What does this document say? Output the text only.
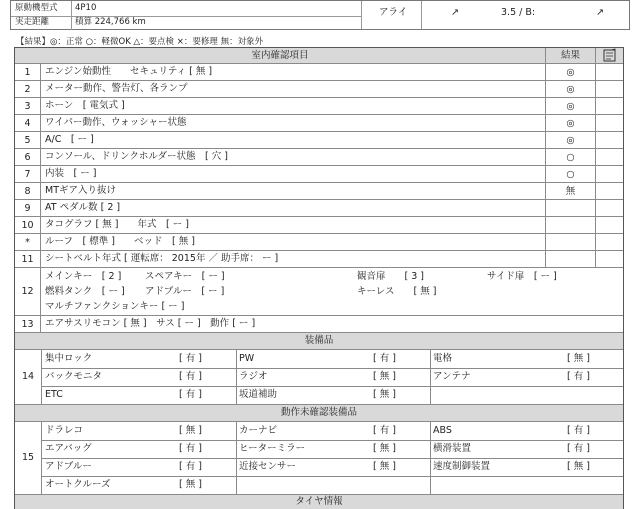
原動機型式 4P10
実走距離	積算 224,766 km
アライ	↗	3.5 / B:	↗
【結果】◎：正常 ○：軽微OK △：要点検 ×：要修理 無：対象外
室内確認項目	結果
1	エンジン始動性　　セキュリティ [ 無 ]	◎
2	メーター動作、警告灯、各ランプ	◎
3	ホーン　[ 電気式 ]	◎
4	ワイパー動作、ウォッシャー状態	◎
5	A/C　[ ー ]	◎
6	コンソール、ドリンクホルダー状態　[ 穴 ]	○
7	内装　[ ー ]	○
8	MTギア入り抜け	無
9	AT ペダル数 [ 2 ]
10	タコグラフ [ 無 ]　　年式　[ ー ]
*	ルーフ　[ 標準 ]　　ベッド　[ 無 ]
11	シートベルト年式 [ 運転席： 2015年 ／ 助手席： ー ]
12
メインキー　[ 2 ] スペアキー　[ ー ]	観音扉　　[ 3 ]	サイド扉　[ ー ]
燃料タンク　[ ー ] アドブルー　[ ー ]	キーレス　　[ 無 ]
マルチファンクションキー [ ー ]
13	エアサスリモコン [ 無 ]　サス [ ー ]　動作 [ ー ]
装備品
14
集中ロック	[ 有 ]	PW	[ 有 ]	電格	[ 無 ]
バックモニタ	[ 有 ]	ラジオ	[ 無 ]	アンテナ	[ 有 ]
ETC	[ 有 ]	坂道補助	[ 無 ]
動作未確認装備品
15
ドラレコ	[ 無 ]	カーナビ	[ 有 ]	ABS	[ 有 ]
エアバッグ	[ 有 ]	ヒーターミラー	[ 無 ]	横滑装置	[ 有 ]
アドブルー	[ 有 ]	近接センサー	[ 無 ]	速度制御装置	[ 無 ]
オートクルーズ	[ 無 ]
タイヤ情報
